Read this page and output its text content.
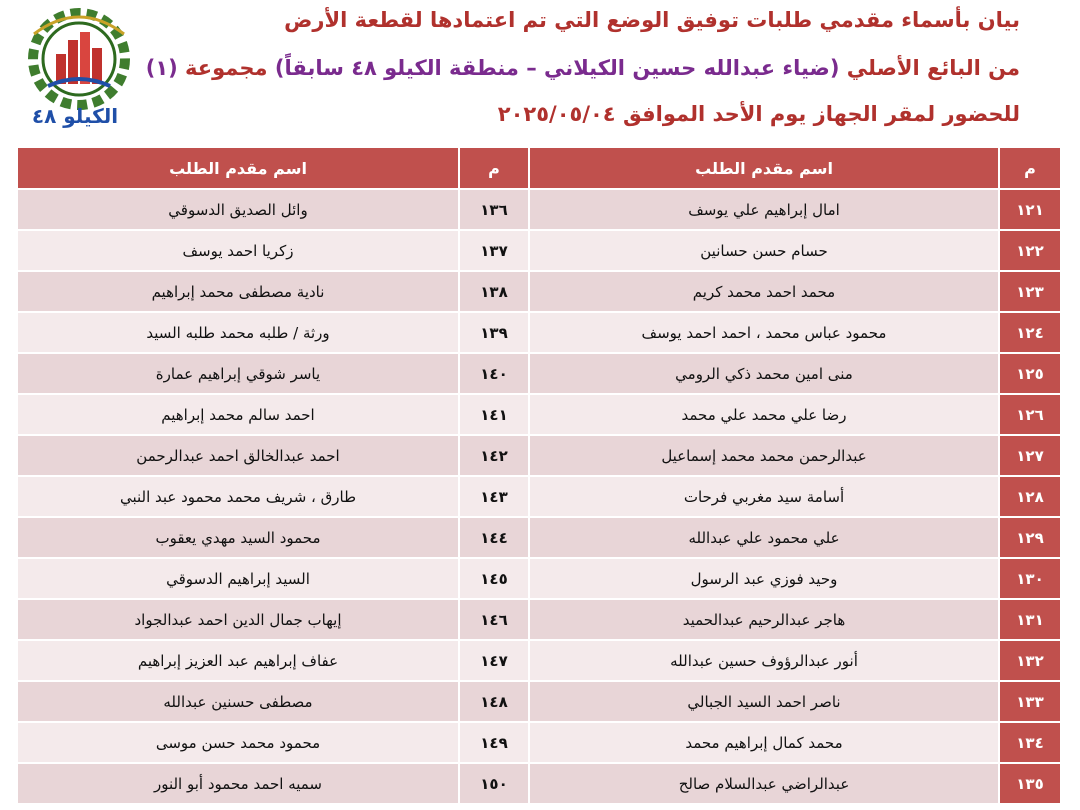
الكيلو ٤٨
بيان بأسماء مقدمي طلبات توفيق الوضع التي تم اعتمادها لقطعة الأرض
من البائع الأصلي (ضياء عبدالله حسين الكيلاني – منطقة الكيلو ٤٨ سابقاً) مجموعة (١)
للحضور لمقر الجهاز يوم الأحد الموافق ٢٠٢٥/٠٥/٠٤
م	اسم مقدم الطلب	م	اسم مقدم الطلب
١٢١	امال إبراهيم علي يوسف	١٣٦	وائل الصديق الدسوقي
١٢٢	حسام حسن حسانين	١٣٧	زكريا احمد يوسف
١٢٣	محمد احمد محمد كريم	١٣٨	نادية مصطفى محمد إبراهيم
١٢٤	محمود عباس محمد ، احمد احمد يوسف	١٣٩	ورثة / طلبه محمد طلبه السيد
١٢٥	منى امين محمد ذكي الرومي	١٤٠	ياسر شوقي إبراهيم عمارة
١٢٦	رضا علي محمد علي محمد	١٤١	احمد سالم محمد إبراهيم
١٢٧	عبدالرحمن محمد محمد إسماعيل	١٤٢	احمد عبدالخالق احمد عبدالرحمن
١٢٨	أسامة سيد مغربي فرحات	١٤٣	طارق ، شريف محمد محمود عبد النبي
١٢٩	علي محمود علي عبدالله	١٤٤	محمود السيد مهدي يعقوب
١٣٠	وحيد فوزي عبد الرسول	١٤٥	السيد إبراهيم الدسوقي
١٣١	هاجر عبدالرحيم عبدالحميد	١٤٦	إيهاب جمال الدين احمد عبدالجواد
١٣٢	أنور عبدالرؤوف حسين عبدالله	١٤٧	عفاف إبراهيم عبد العزيز إبراهيم
١٣٣	ناصر احمد السيد الجبالي	١٤٨	مصطفى حسنين عبدالله
١٣٤	محمد كمال إبراهيم محمد	١٤٩	محمود محمد حسن موسى
١٣٥	عبدالراضي عبدالسلام صالح	١٥٠	سميه احمد محمود أبو النور
